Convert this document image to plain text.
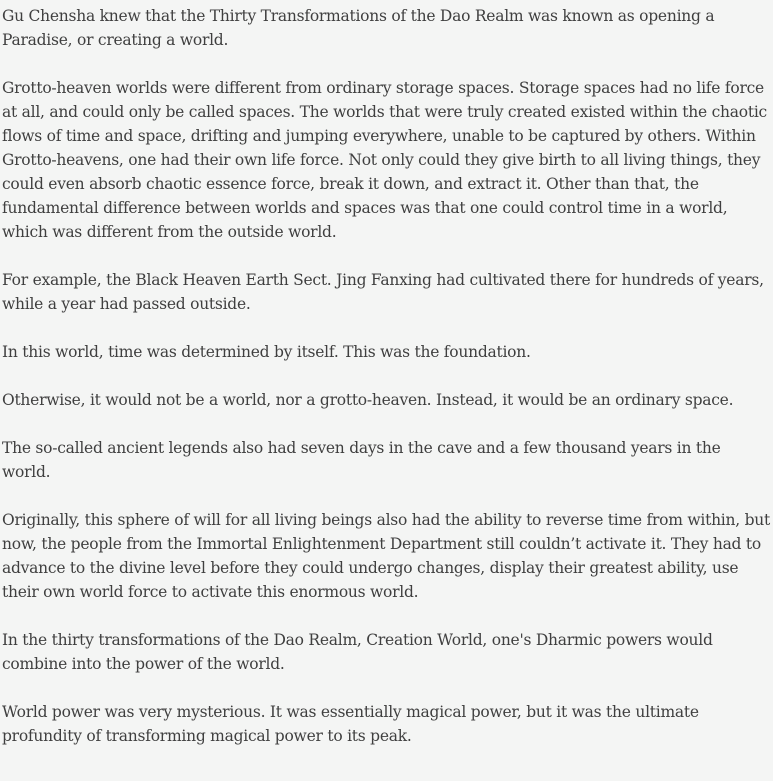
Gu Chensha knew that the Thirty Transformations of the Dao Realm was known as opening a Paradise, or creating a world.

Grotto-heaven worlds were different from ordinary storage spaces. Storage spaces had no life force at all, and could only be called spaces. The worlds that were truly created existed within the chaotic flows of time and space, drifting and jumping everywhere, unable to be captured by others. Within Grotto-heavens, one had their own life force. Not only could they give birth to all living things, they could even absorb chaotic essence force, break it down, and extract it. Other than that, the fundamental difference between worlds and spaces was that one could control time in a world, which was different from the outside world.

For example, the Black Heaven Earth Sect. Jing Fanxing had cultivated there for hundreds of years, while a year had passed outside.

In this world, time was determined by itself. This was the foundation.

Otherwise, it would not be a world, nor a grotto-heaven. Instead, it would be an ordinary space.

The so-called ancient legends also had seven days in the cave and a few thousand years in the world.

Originally, this sphere of will for all living beings also had the ability to reverse time from within, but now, the people from the Immortal Enlightenment Department still couldn’t activate it. They had to advance to the divine level before they could undergo changes, display their greatest ability, use their own world force to activate this enormous world.

In the thirty transformations of the Dao Realm, Creation World, one's Dharmic powers would combine into the power of the world.

World power was very mysterious. It was essentially magical power, but it was the ultimate profundity of transforming magical power to its peak.
